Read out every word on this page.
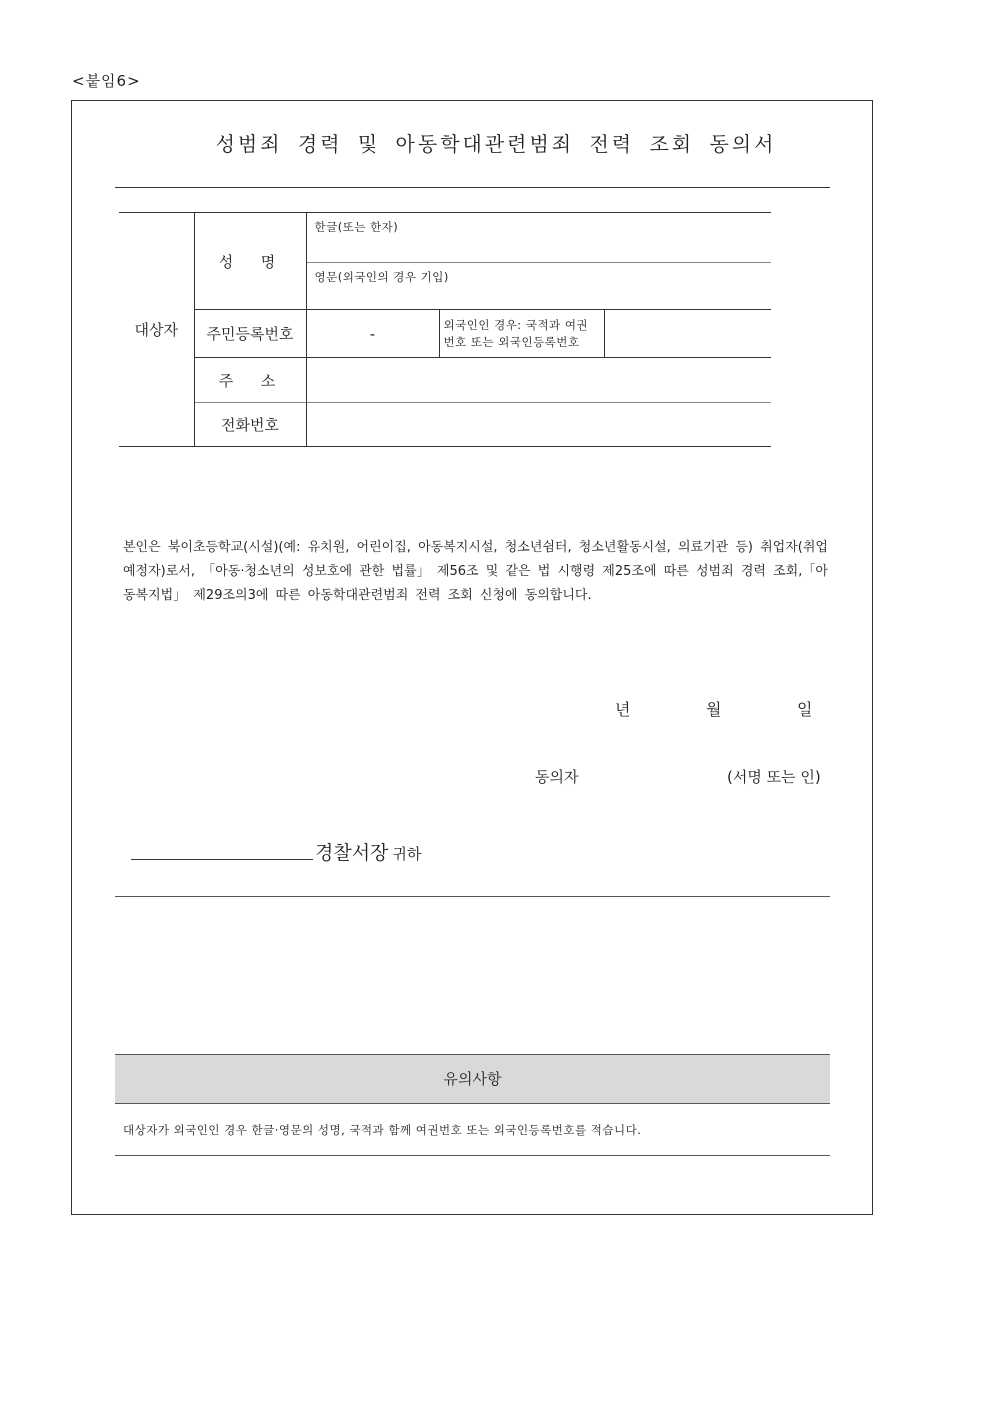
<붙임6>
성범죄 경력 및 아동학대관련범죄 전력 조회 동의서
대상자	성  명	한글(또는 한자)		
		영문(외국인의 경우 기입)		
	주민등록번호	-	외국인인 경우: 국적과 여권번호 또는 외국인등록번호	
	주  소			
	전화번호			
본인은 북이초등학교(시설)(예: 유치원, 어린이집, 아동복지시설, 청소년쉼터, 청소년활동시설, 의료기관 등) 취업자(취업예정자)로서, 「아동·청소년의 성보호에 관한 법률」 제56조 및 같은 법 시행령 제25조에 따른 성범죄 경력 조회,「아동복지법」 제29조의3에 따른 아동학대관련범죄 전력 조회 신청에 동의합니다.
년	월	일
동의자	(서명 또는 인)
경찰서장 귀하
유의사항
대상자가 외국인인 경우 한글·영문의 성명, 국적과 함께 여권번호 또는 외국인등록번호를 적습니다.
